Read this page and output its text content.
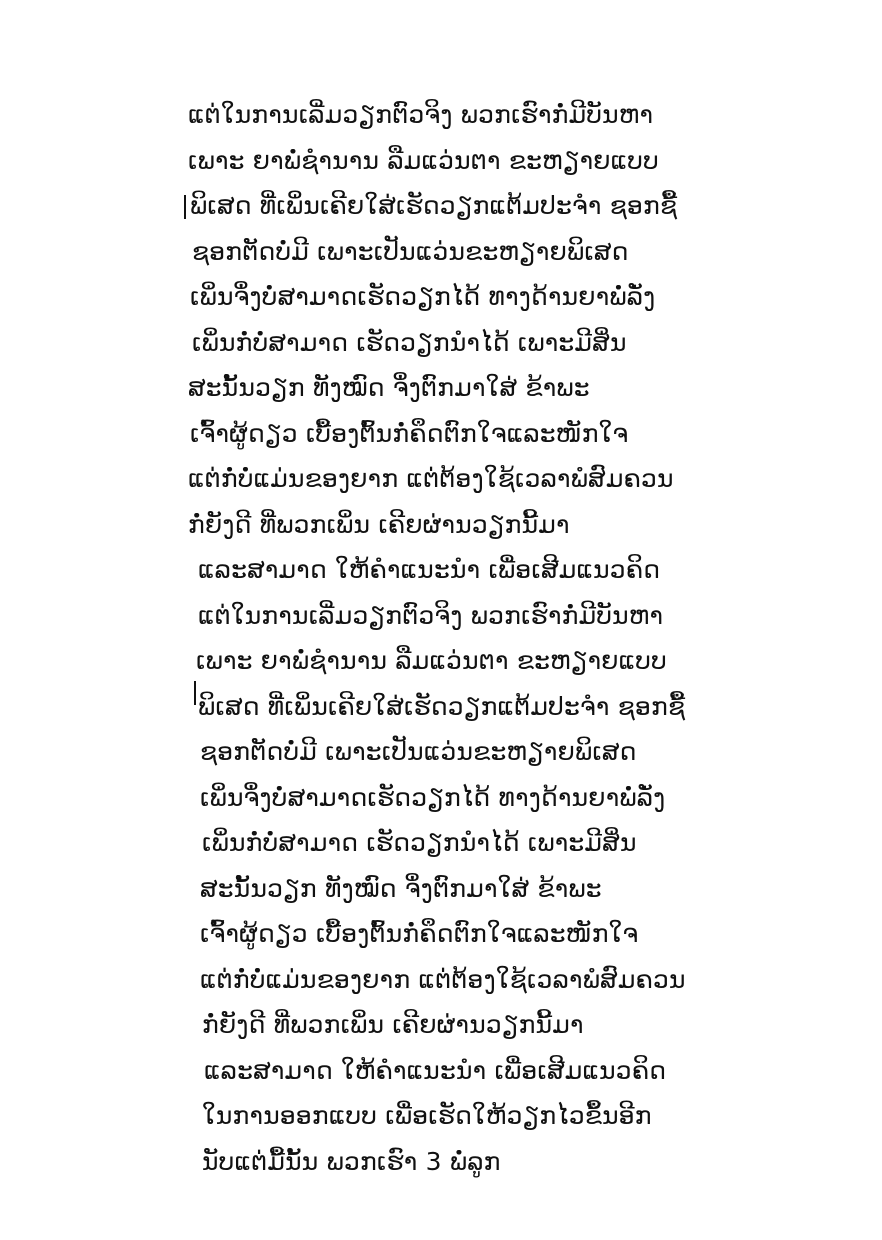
ແຕ່ໃນການເລີ່ມວຽກຕົວຈິງ ພວກເຮົາກໍ່ມີບັນຫາ
ເພາະ ຍາພໍ່ຊໍານານ ລືມແວ່ນຕາ ຂະຫຽາຍແບບ
ພິເສດ ທີ່ເພິ່ນເຄີຍໃສ່ເຮັດວຽກແຕ້ມປະຈໍາ ຊອກຊື້
ຊອກຕັດບໍ່ມີ ເພາະເປັນແວ່ນຂະຫຽາຍພິເສດ
ເພິ່ນຈຶ່ງບໍ່ສາມາດເຮັດວຽກໄດ້ ທາງດ້ານຍາພໍ່ລັ່ງ
ເພິ່ນກໍ່ບໍ່ສາມາດ ເຮັດວຽກນໍາໄດ້ ເພາະມີສິ່ນ
ສະນັ້ນວຽກ ທັງໝົດ ຈຶ່ງຕົກມາໃສ່ ຂ້າພະ
ເຈົ້າຜູ້ດຽວ ເບື້ອງຕົ້ນກໍ່ຄຶດຕົກໃຈແລະໜັກໃຈ
ແຕ່ກໍ່ບໍ່ແມ່ນຂອງຍາກ ແຕ່ຕ້ອງໃຊ້ເວລາພໍສົມຄວນ
ກໍ່ຍັງດີ ທີ່ພວກເພິ່ນ ເຄີຍຜ່ານວຽກນີ້ມາ
ແລະສາມາດ ໃຫ້ຄໍາແນະນໍາ ເພື່ອເສີມແນວຄິດ
ແຕ່ໃນການເລີ່ມວຽກຕົວຈິງ ພວກເຮົາກໍ່ມີບັນຫາ
ເພາະ ຍາພໍ່ຊໍານານ ລືມແວ່ນຕາ ຂະຫຽາຍແບບ
ພິເສດ ທີ່ເພິ່ນເຄີຍໃສ່ເຮັດວຽກແຕ້ມປະຈໍາ ຊອກຊື້
ຊອກຕັດບໍ່ມີ ເພາະເປັນແວ່ນຂະຫຽາຍພິເສດ
ເພິ່ນຈຶ່ງບໍ່ສາມາດເຮັດວຽກໄດ້ ທາງດ້ານຍາພໍ່ລັ່ງ
ເພິ່ນກໍ່ບໍ່ສາມາດ ເຮັດວຽກນໍາໄດ້ ເພາະມີສິ່ນ
ສະນັ້ນວຽກ ທັງໝົດ ຈຶ່ງຕົກມາໃສ່ ຂ້າພະ
ເຈົ້າຜູ້ດຽວ ເບື້ອງຕົ້ນກໍ່ຄຶດຕົກໃຈແລະໜັກໃຈ
ແຕ່ກໍ່ບໍ່ແມ່ນຂອງຍາກ ແຕ່ຕ້ອງໃຊ້ເວລາພໍສົມຄວນ
ກໍ່ຍັງດີ ທີ່ພວກເພິ່ນ ເຄີຍຜ່ານວຽກນີ້ມາ
ແລະສາມາດ ໃຫ້ຄໍາແນະນໍາ ເພື່ອເສີມແນວຄິດ
ໃນການອອກແບບ ເພື່ອເຮັດໃຫ້ວຽກໄວຂຶ້ນອີກ
ນັບແຕ່ມື້ນັ້ນ ພວກເຮົາ 3 ພໍ່ລູກ
